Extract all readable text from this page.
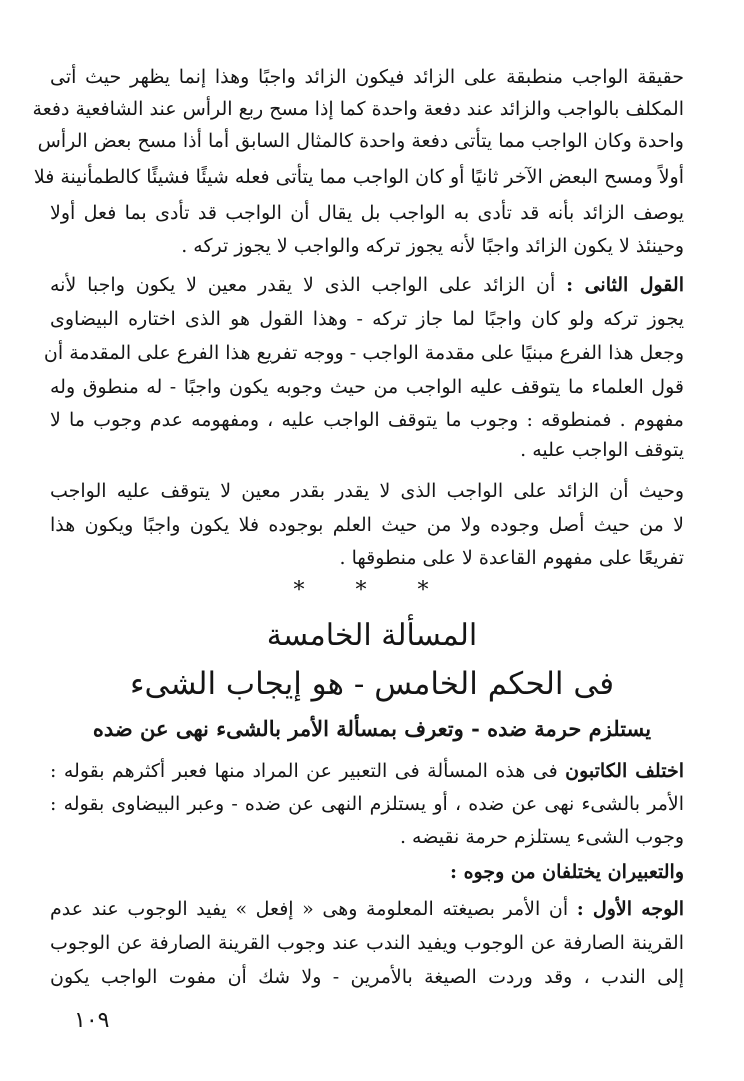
حقيقة الواجب منطبقة على الزائد فيكون الزائد واجبًا وهذا إنما يظهر حيث أتى
المكلف بالواجب والزائد عند دفعة واحدة كما إذا مسح ربع الرأس عند الشافعية دفعة
واحدة وكان الواجب مما يتأتى دفعة واحدة كالمثال السابق أما أذا مسح بعض الرأس
أولاً ومسح البعض الآخر ثانيًا أو كان الواجب مما يتأتى فعله شيئًا فشيئًا كالطمأنينة فلا
يوصف الزائد بأنه قد تأدى به الواجب بل يقال أن الواجب قد تأدى بما فعل أولا
وحينئذ لا يكون الزائد واجبًا لأنه يجوز تركه والواجب لا يجوز تركه .
القول الثانى : أن الزائد على الواجب الذى لا يقدر معين لا يكون واجبا لأنه
يجوز تركه ولو كان واجبًا لما جاز تركه - وهذا القول هو الذى اختاره البيضاوى
وجعل هذا الفرع مبنيًا على مقدمة الواجب - ووجه تفريع هذا الفرع على المقدمة أن
قول العلماء ما يتوقف عليه الواجب من حيث وجوبه يكون واجبًا - له منطوق وله
مفهوم . فمنطوقه : وجوب ما يتوقف الواجب عليه ، ومفهومه عدم وجوب ما لا
يتوقف الواجب عليه .
وحيث أن الزائد على الواجب الذى لا يقدر بقدر معين لا يتوقف عليه الواجب
لا من حيث أصل وجوده ولا من حيث العلم بوجوده فلا يكون واجبًا ويكون هذا
تفريعًا على مفهوم القاعدة لا على منطوقها .
* * *
المسألة الخامسة
فى الحكم الخامس - هو إيجاب الشىء
يستلزم حرمة ضده - وتعرف بمسألة الأمر بالشىء نهى عن ضده
اختلف الكاتبون فى هذه المسألة فى التعبير عن المراد منها فعبر أكثرهم بقوله :
الأمر بالشىء نهى عن ضده ، أو يستلزم النهى عن ضده - وعبر البيضاوى بقوله :
وجوب الشىء يستلزم حرمة نقيضه .
والتعبيران يختلفان من وجوه :
الوجه الأول : أن الأمر بصيغته المعلومة وهى « إفعل » يفيد الوجوب عند عدم
القرينة الصارفة عن الوجوب ويفيد الندب عند وجوب القرينة الصارفة عن الوجوب
إلى الندب ، وقد وردت الصيغة بالأمرين - ولا شك أن مفوت الواجب يكون
١٠٩
